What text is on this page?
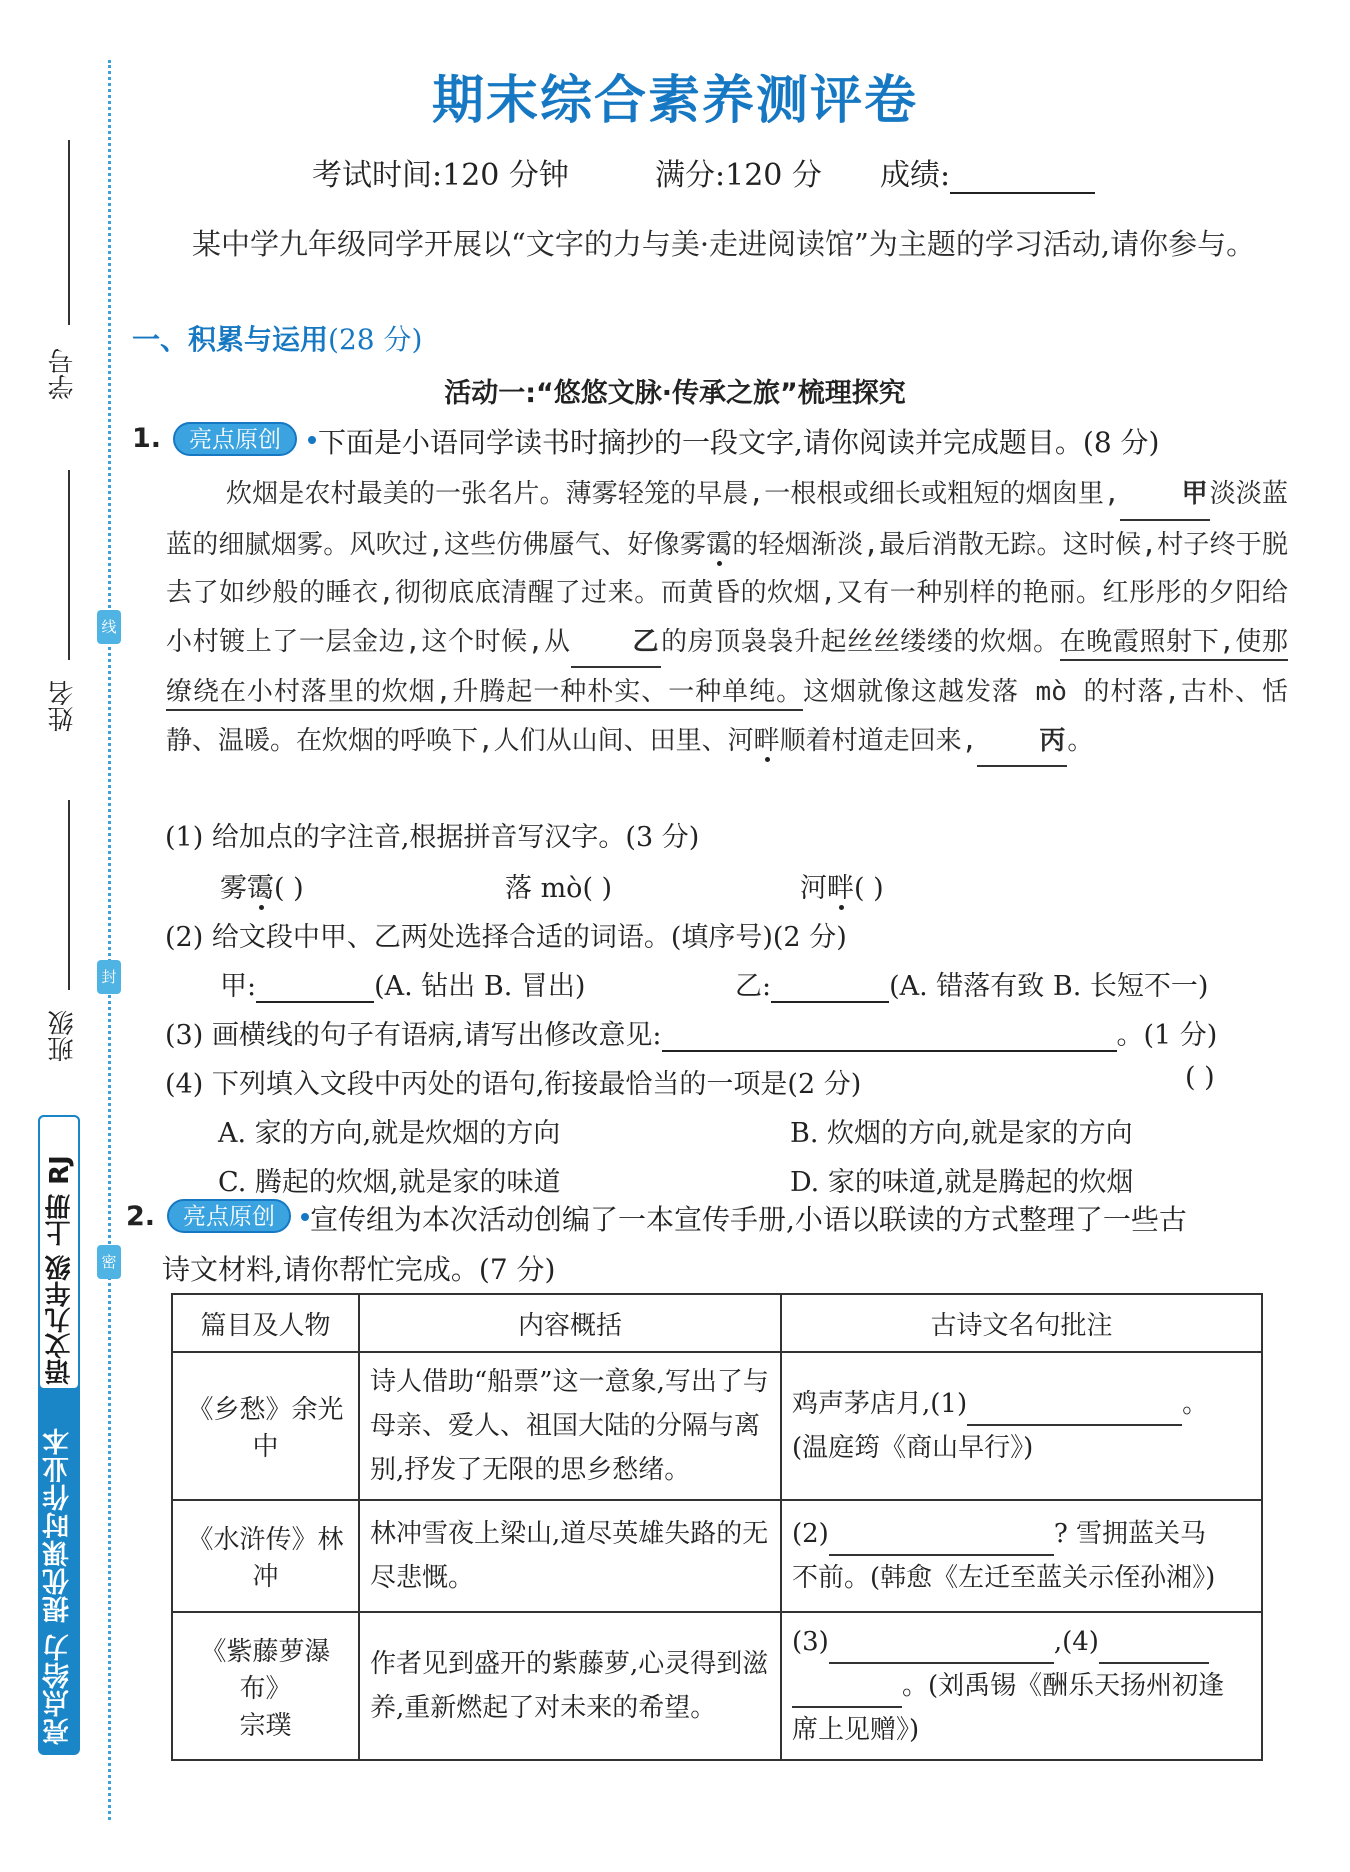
线
封
密
学号
姓名
班级
亮点给力 提优课时作业本
语文九年级 上册 RJ
期末综合素养测评卷
考试时间:120 分钟	满分:120 分 成绩:
某中学九年级同学开展以“文字的力与美·走进阅读馆”为主题的学习活动,请你参与。
一、积累与运用(28 分)
活动一:“悠悠文脉·传承之旅”梳理探究
1.	亮点原创	下面是小语同学读书时摘抄的一段文字,请你阅读并完成题目。(8 分)

炊烟是农村最美的一张名片。薄雾轻笼的早晨,一根根或细长或粗短的烟囱里, 甲淡淡蓝蓝的细腻烟雾。风吹过,这些仿佛蜃气、好像雾霭的轻烟渐淡,最后消散无踪。这时候,村子终于脱去了如纱般的睡衣,彻彻底底清醒了过来。而黄昏的炊烟,又有一种别样的艳丽。红彤彤的夕阳给小村镀上了一层金边,这个时候,从 乙的房顶袅袅升起丝丝缕缕的炊烟。在晚霞照射下,使那缭绕在小村落里的炊烟,升腾起一种朴实、一种单纯。这烟就像这越发落 mò 的村落,古朴、恬静、温暖。在炊烟的呼唤下,人们从山间、田里、河畔顺着村道走回来, 丙。

(1) 给加点的字注音,根据拼音写汉字。(3 分)
雾霭( )	落 mò( )	河畔( )
(2) 给文段中甲、乙两处选择合适的词语。(填序号)(2 分)
甲:	(A. 钻出 B. 冒出)	乙:	(A. 错落有致 B. 长短不一)
(3) 画横线的句子有语病,请写出修改意见:	。(1 分)
(4) 下列填入文段中丙处的语句,衔接最恰当的一项是(2 分)	( )
A. 家的方向,就是炊烟的方向	B. 炊烟的方向,就是家的方向
C. 腾起的炊烟,就是家的味道	D. 家的味道,就是腾起的炊烟
2.	亮点原创	宣传组为本次活动创编了一本宣传手册,小语以联读的方式整理了一些古
诗文材料,请你帮忙完成。(7 分)
篇目及人物	内容概括	古诗文名句批注
《乡愁》余光中	诗人借助“船票”这一意象,写出了与母亲、爱人、祖国大陆的分隔与离别,抒发了无限的思乡愁绪。	鸡声茅店月,(1) 。
(温庭筠《商山早行》)
《水浒传》林冲	林冲雪夜上梁山,道尽英雄失路的无尽悲慨。	(2) ? 雪拥蓝关马
不前。(韩愈《左迁至蓝关示侄孙湘》)
《紫藤萝瀑布》
宗璞	作者见到盛开的紫藤萝,心灵得到滋养,重新燃起了对未来的希望。	(3) ,(4)
。(刘禹锡《酬乐天扬州初逢
席上见赠》)
